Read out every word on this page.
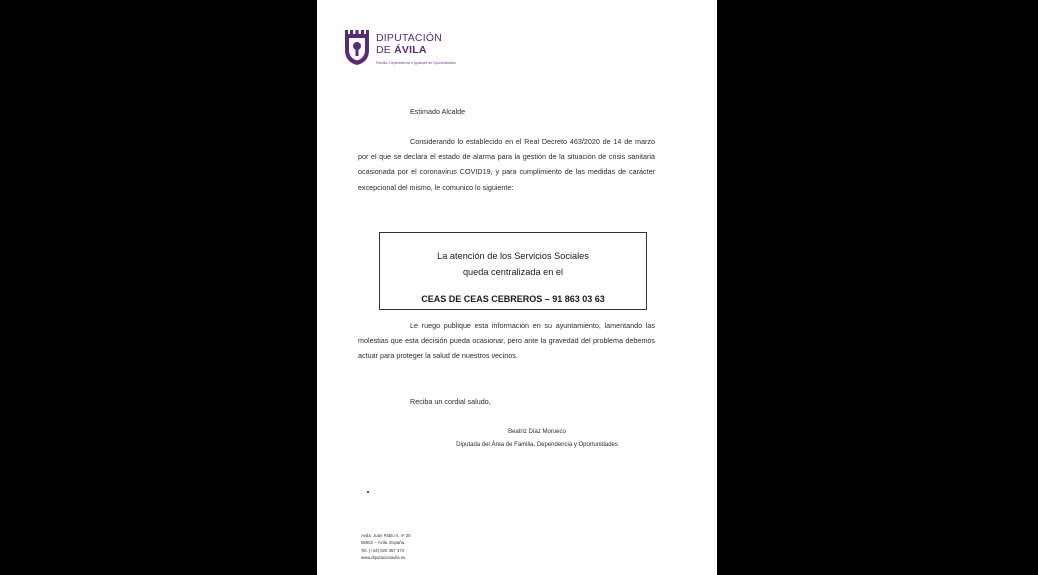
DIPUTACIÓN
DE ÁVILA
Familia, Dependencia e Igualdad de Oportunidades
Estimado Alcalde
Considerando lo establecido en el Real Decreto 463/2020 de 14 de marzo por el que se declara el estado de alarma para la gestión de la situación de crisis sanitaria ocasionada por el coronavirus COVID19, y para cumplimiento de las medidas de carácter excepcional del mismo, le comunico lo siguiente:
La atención de los Servicios Sociales
queda centralizada en el
CEAS DE CEAS CEBREROS – 91 863 03 63
Le ruego publique esta información en su ayuntamiento, lamentando las molestias que esta decisión pueda ocasionar, pero ante la gravedad del problema debemos actuar para proteger la salud de nuestros vecinos.
Reciba un cordial saludo,
Beatriz Díaz Morueco
Diputada del Área de Familia, Dependencia y Oportunidades
Avda. Juan Pablo II, nº 20
05003 – Ávila. España.
Tel. (+34) 920 357 474
www.diputacionavila.es
